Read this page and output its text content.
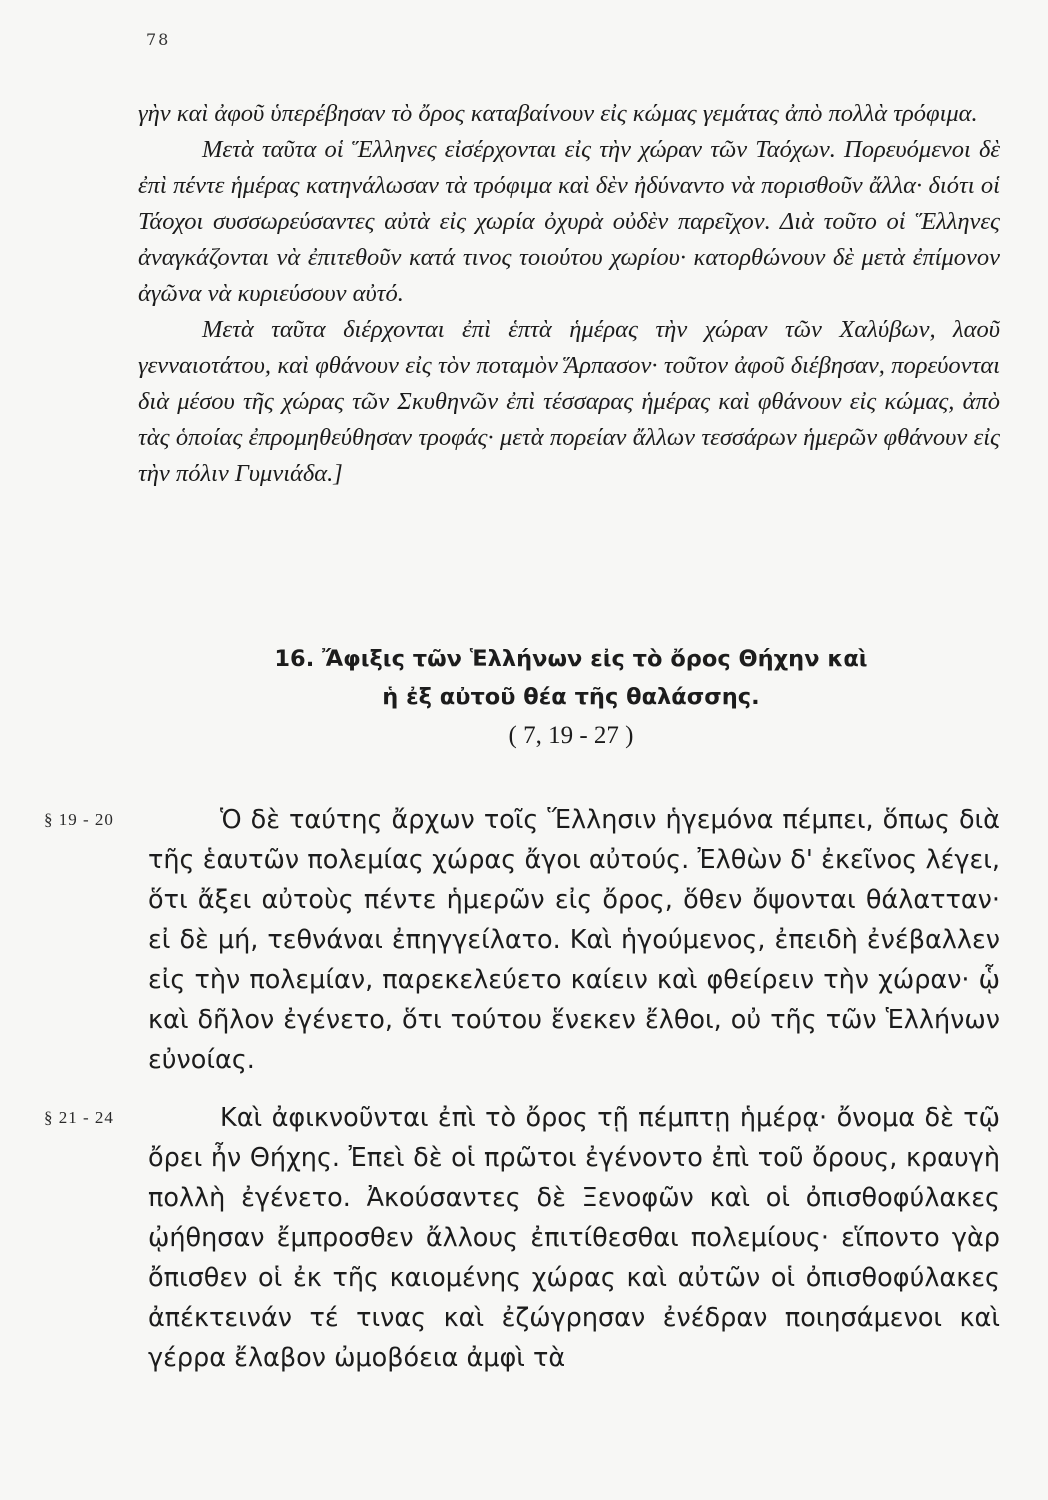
78

γὴν καὶ ἀφοῦ ὑπερέβησαν τὸ ὄρος καταβαίνουν εἰς κώμας γεμάτας ἀπὸ πολλὰ τρόφιμα.

Μετὰ ταῦτα οἱ Ἕλληνες εἰσέρχονται εἰς τὴν χώραν τῶν Ταόχων. Πορευόμενοι δὲ ἐπὶ πέντε ἡμέρας κατηνάλωσαν τὰ τρόφιμα καὶ δὲν ἠδύναντο νὰ πορισθοῦν ἄλλα· διότι οἱ Τάοχοι συσσωρεύσαντες αὐτὰ εἰς χωρία ὀχυρὰ οὐδὲν παρεῖχον. Διὰ τοῦτο οἱ Ἕλληνες ἀναγκάζονται νὰ ἐπιτεθοῦν κατά τινος τοιούτου χωρίου· κατορθώνουν δὲ μετὰ ἐπίμονον ἀγῶνα νὰ κυριεύσουν αὐτό.

Μετὰ ταῦτα διέρχονται ἐπὶ ἑπτὰ ἡμέρας τὴν χώραν τῶν Χαλύβων, λαοῦ γενναιοτάτου, καὶ φθάνουν εἰς τὸν ποταμὸν Ἅρπασον· τοῦτον ἀφοῦ διέβησαν, πορεύονται διὰ μέσου τῆς χώρας τῶν Σκυθηνῶν ἐπὶ τέσσαρας ἡμέρας καὶ φθάνουν εἰς κώμας, ἀπὸ τὰς ὁποίας ἐπρομηθεύθησαν τροφάς· μετὰ πορείαν ἄλλων τεσσάρων ἡμερῶν φθάνουν εἰς τὴν πόλιν Γυμνιάδα.]

16. Ἄφιξις τῶν Ἑλλήνων εἰς τὸ ὄρος Θήχην καὶ
ἡ ἐξ αὐτοῦ θέα τῆς θαλάσσης.
( 7, 19 - 27 )
§ 19 - 20	Ὁ δὲ ταύτης ἄρχων τοῖς Ἕλλησιν ἡγεμόνα πέμπει, ὅπως διὰ τῆς ἑαυτῶν πολεμίας χώρας ἄγοι αὐτούς. Ἐλθὼν δ' ἐκεῖνος λέγει, ὅτι ἄξει αὐτοὺς πέντε ἡμερῶν εἰς ὄρος, ὅθεν ὄψονται θάλατταν· εἰ δὲ μή, τεθνάναι ἐπηγγείλατο. Καὶ ἡγούμενος, ἐπειδὴ ἐνέβαλλεν εἰς τὴν πολεμίαν, παρεκελεύετο καίειν καὶ φθείρειν τὴν χώραν· ᾧ καὶ δῆλον ἐγένετο, ὅτι τούτου ἕνεκεν ἔλθοι, οὐ τῆς τῶν Ἑλλήνων εὐνοίας.

§ 21 - 24	Καὶ ἀφικνοῦνται ἐπὶ τὸ ὄρος τῇ πέμπτῃ ἡμέρᾳ· ὄνομα δὲ τῷ ὄρει ἦν Θήχης. Ἐπεὶ δὲ οἱ πρῶτοι ἐγένοντο ἐπὶ τοῦ ὄρους, κραυγὴ πολλὴ ἐγένετο. Ἀκούσαντες δὲ Ξενοφῶν καὶ οἱ ὀπισθοφύλακες ᾠήθησαν ἔμπροσθεν ἄλλους ἐπιτίθεσθαι πολεμίους· εἵποντο γὰρ ὄπισθεν οἱ ἐκ τῆς καιομένης χώρας καὶ αὐτῶν οἱ ὀπισθοφύλακες ἀπέκτεινάν τέ τινας καὶ ἐζώγρησαν ἐνέδραν ποιησάμενοι καὶ γέρρα ἔλαβον ὠμοβόεια ἀμφὶ τὰ
